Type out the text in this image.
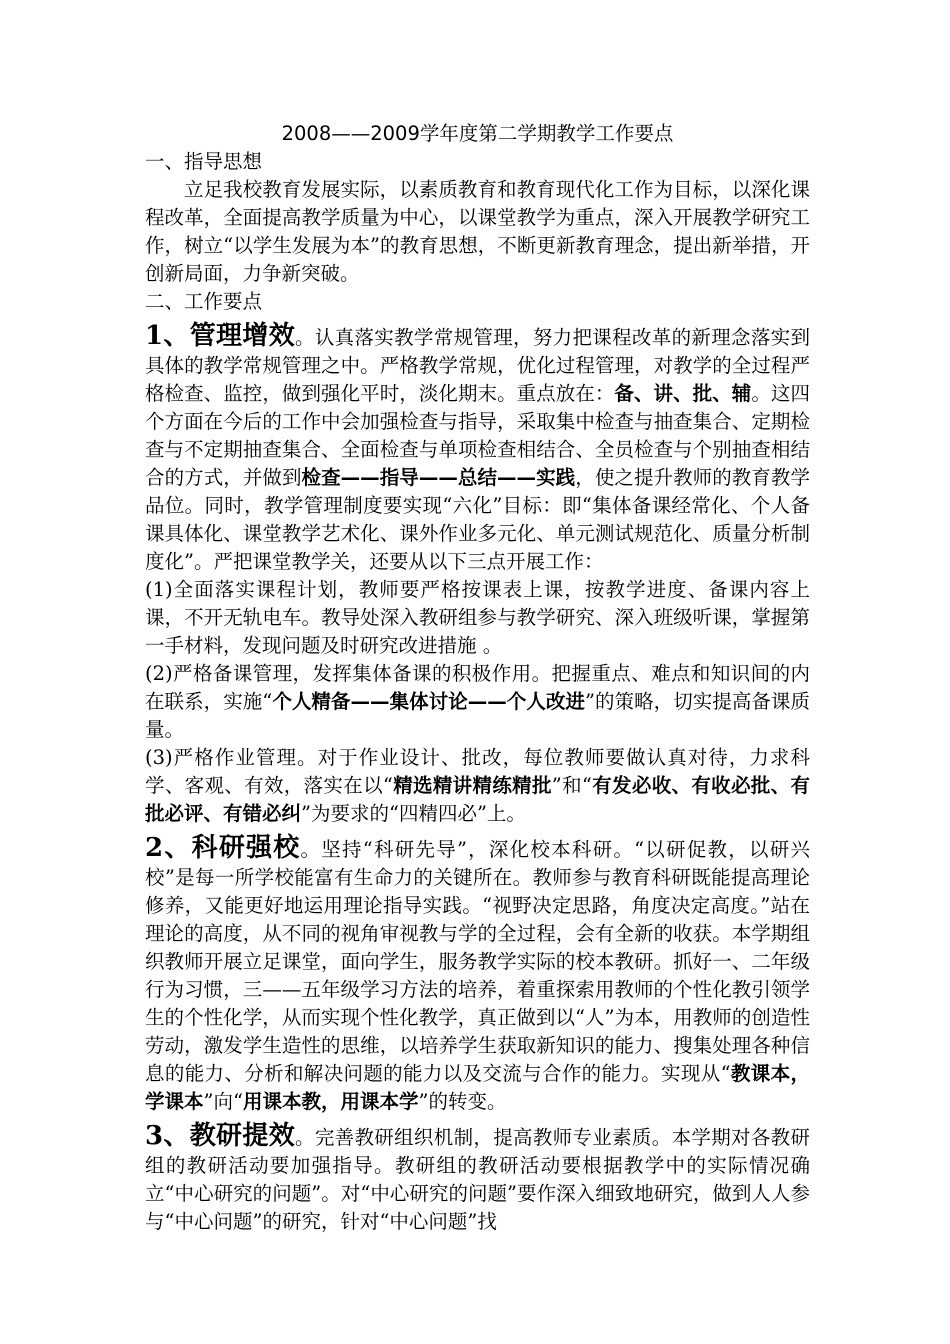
2008——2009学年度第二学期教学工作要点

一、指导思想

立足我校教育发展实际，以素质教育和教育现代化工作为目标，以深化课程改革，全面提高教学质量为中心，以课堂教学为重点，深入开展教学研究工作，树立“以学生发展为本”的教育思想，不断更新教育理念，提出新举措，开创新局面，力争新突破。

二、工作要点

1、管理增效。认真落实教学常规管理，努力把课程改革的新理念落实到具体的教学常规管理之中。严格教学常规，优化过程管理，对教学的全过程严格检查、监控，做到强化平时，淡化期末。重点放在：备、讲、批、辅。这四个方面在今后的工作中会加强检查与指导，采取集中检查与抽查集合、定期检查与不定期抽查集合、全面检查与单项检查相结合、全员检查与个别抽查相结合的方式，并做到检查——指导——总结——实践，使之提升教师的教育教学品位。同时，教学管理制度要实现“六化”目标：即“集体备课经常化、个人备课具体化、课堂教学艺术化、课外作业多元化、单元测试规范化、质量分析制度化”。严把课堂教学关，还要从以下三点开展工作：

(1)全面落实课程计划，教师要严格按课表上课，按教学进度、备课内容上课，不开无轨电车。教导处深入教研组参与教学研究、深入班级听课，掌握第一手材料，发现问题及时研究改进措施 。

(2)严格备课管理，发挥集体备课的积极作用。把握重点、难点和知识间的内在联系，实施“个人精备——集体讨论——个人改进”的策略，切实提高备课质量。

(3)严格作业管理。对于作业设计、批改，每位教师要做认真对待，力求科学、客观、有效，落实在以“精选精讲精练精批”和“有发必收、有收必批、有批必评、有错必纠”为要求的“四精四必”上。

2、科研强校。坚持“科研先导”，深化校本科研。“以研促教，以研兴校”是每一所学校能富有生命力的关键所在。教师参与教育科研既能提高理论修养，又能更好地运用理论指导实践。“视野决定思路，角度决定高度。”站在理论的高度，从不同的视角审视教与学的全过程，会有全新的收获。本学期组织教师开展立足课堂，面向学生，服务教学实际的校本教研。抓好一、二年级行为习惯，三——五年级学习方法的培养，着重探索用教师的个性化教引领学生的个性化学，从而实现个性化教学，真正做到以“人”为本，用教师的创造性劳动，激发学生造性的思维，以培养学生获取新知识的能力、搜集处理各种信息的能力、分析和解决问题的能力以及交流与合作的能力。实现从“教课本，学课本”向“用课本教，用课本学”的转变。

3、教研提效。完善教研组织机制，提高教师专业素质。本学期对各教研组的教研活动要加强指导。教研组的教研活动要根据教学中的实际情况确立“中心研究的问题”。对“中心研究的问题”要作深入细致地研究，做到人人参与“中心问题”的研究，针对“中心问题”找
